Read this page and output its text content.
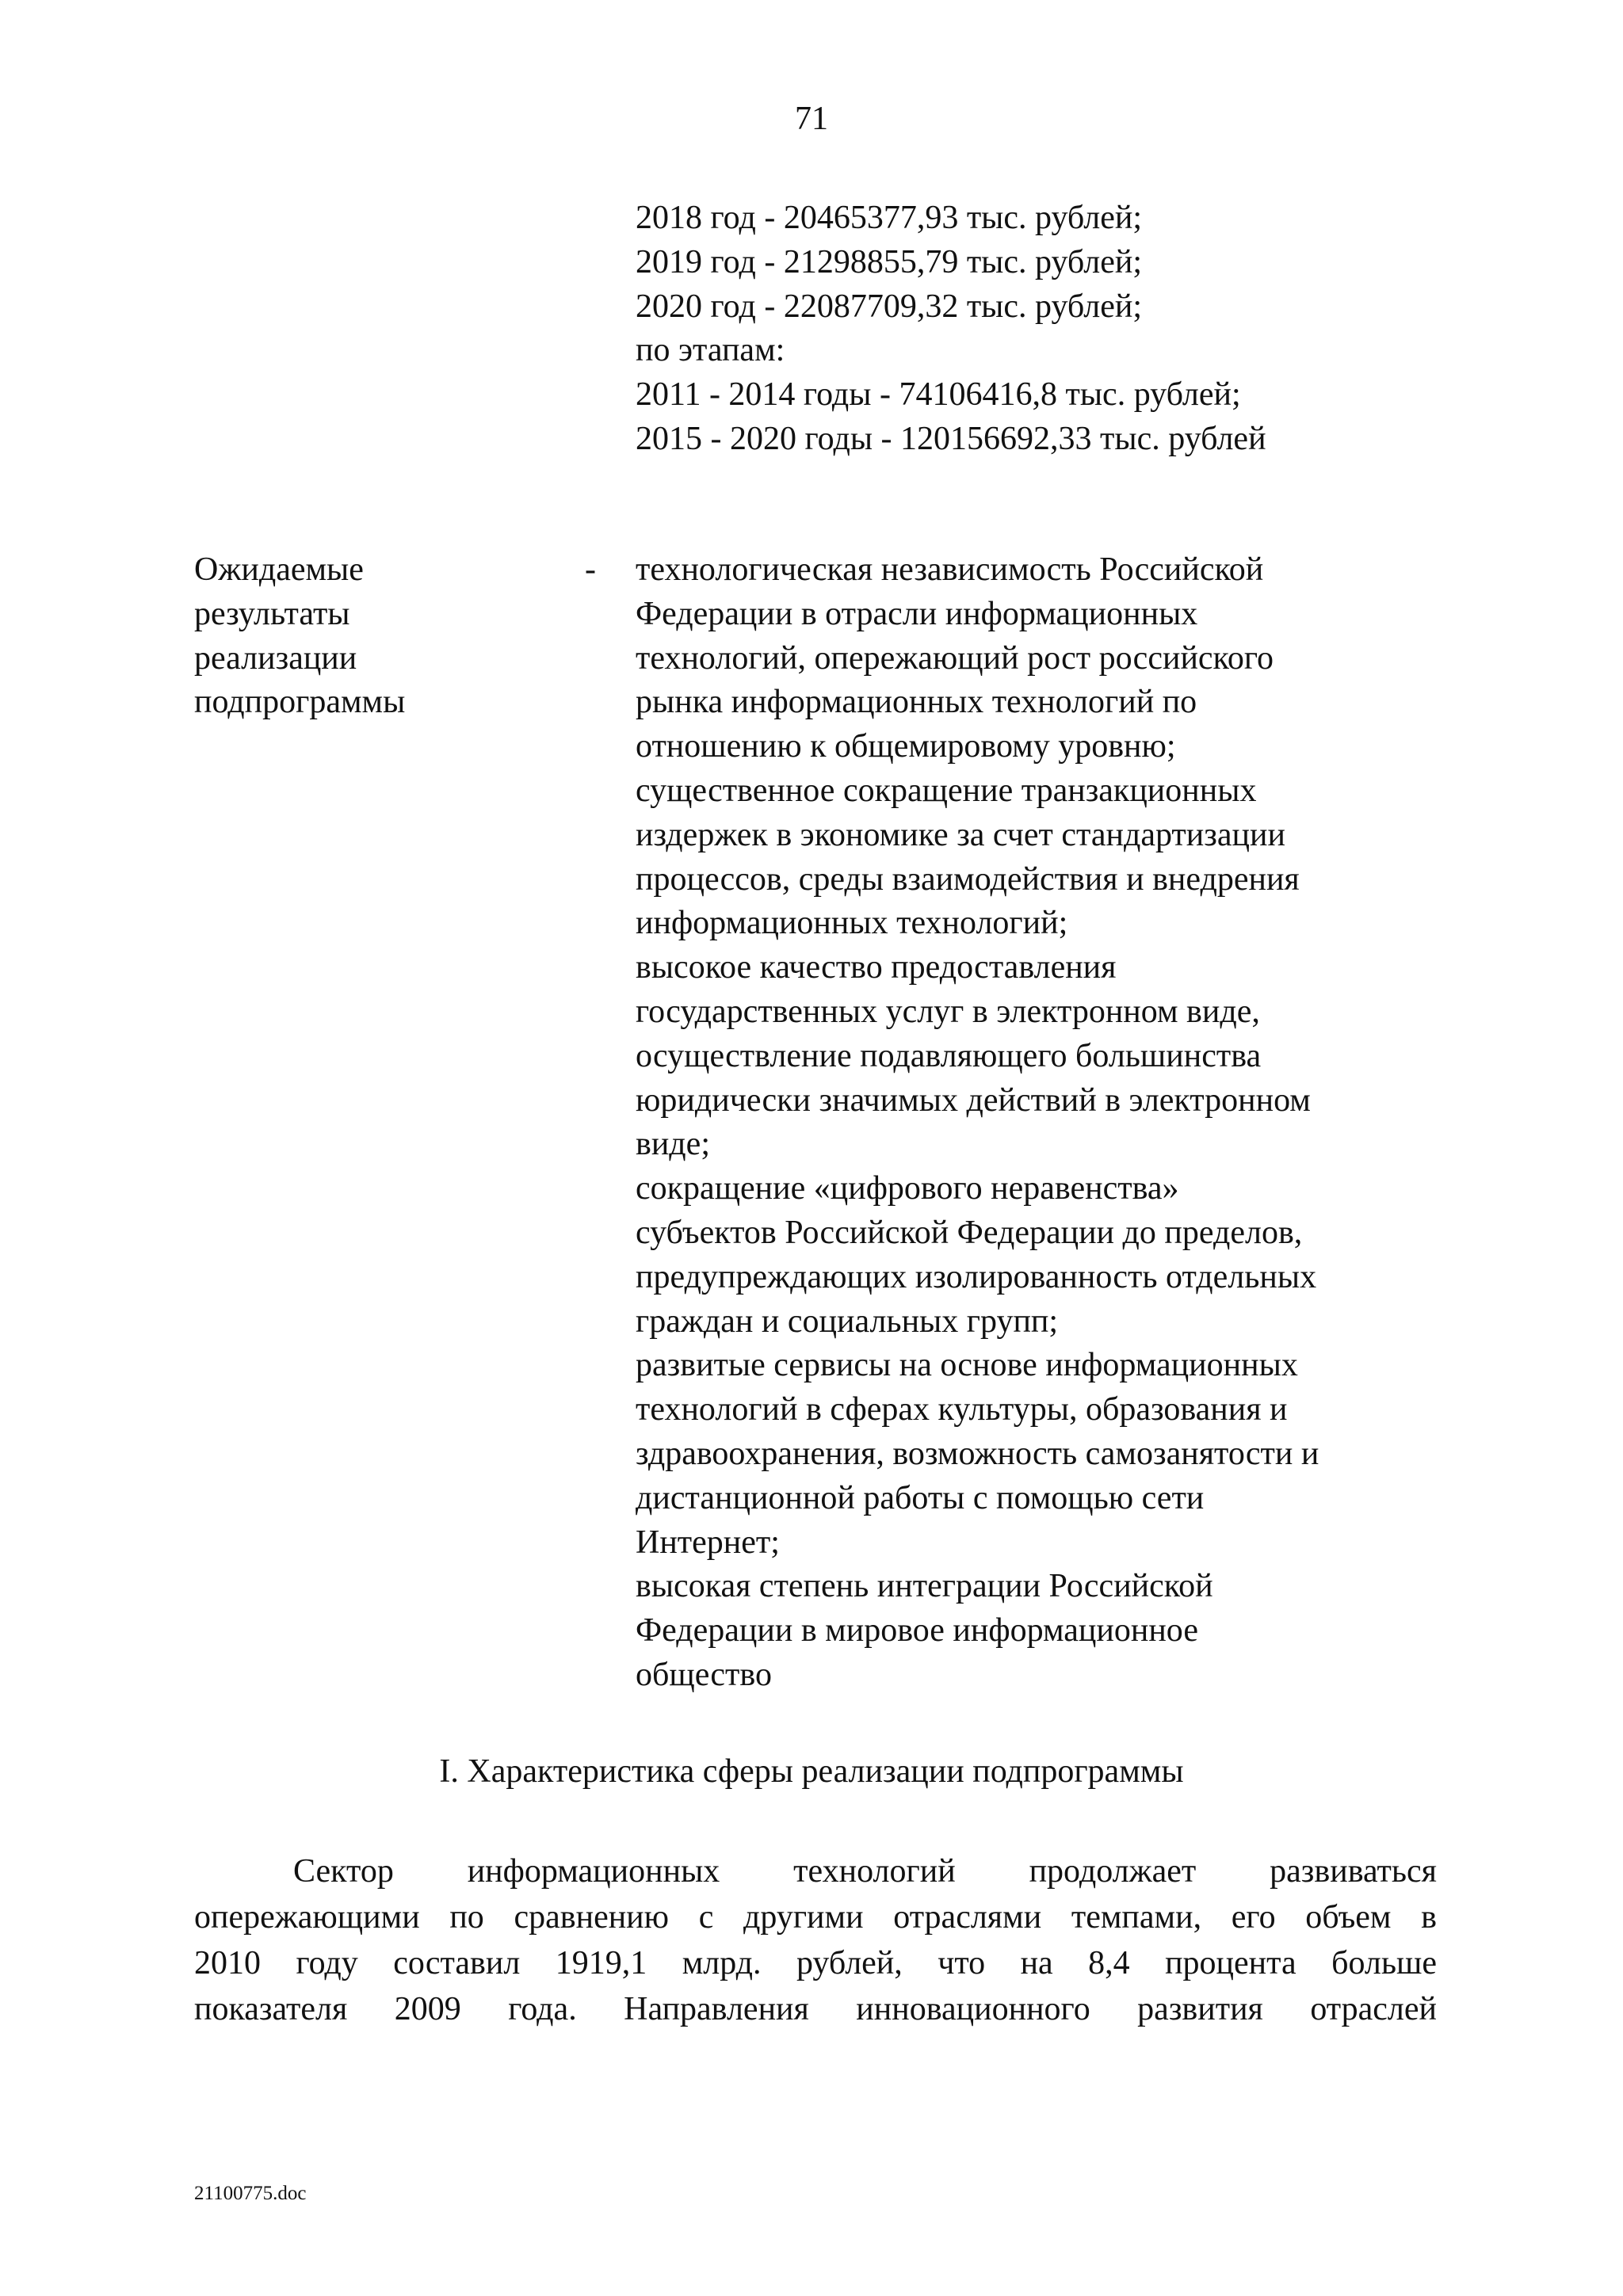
71
2018 год - 20465377,93 тыс. рублей;
2019 год - 21298855,79 тыс. рублей;
2020 год - 22087709,32 тыс. рублей;
по этапам:
2011 - 2014 годы - 74106416,8 тыс. рублей;
2015 - 2020 годы - 120156692,33 тыс. рублей
Ожидаемые
результаты
реализации
подпрограммы
- технологическая независимость Российской
Федерации в отрасли информационных
технологий, опережающий рост российского
рынка информационных технологий по
отношению к общемировому уровню;
существенное сокращение транзакционных
издержек в экономике за счет стандартизации
процессов, среды взаимодействия и внедрения
информационных технологий;
высокое качество предоставления
государственных услуг в электронном виде,
осуществление подавляющего большинства
юридически значимых действий в электронном
виде;
сокращение «цифрового неравенства»
субъектов Российской Федерации до пределов,
предупреждающих изолированность отдельных
граждан и социальных групп;
развитые сервисы на основе информационных
технологий в сферах культуры, образования и
здравоохранения, возможность самозанятости и
дистанционной работы с помощью сети
Интернет;
высокая степень интеграции Российской
Федерации в мировое информационное
общество
I. Характеристика сферы реализации подпрограммы
Сектор информационных технологий продолжает развиваться
опережающими по сравнению с другими отраслями темпами, его объем в
2010 году составил 1919,1 млрд. рублей, что на 8,4 процента больше
показателя 2009 года. Направления инновационного развития отраслей
21100775.doc
